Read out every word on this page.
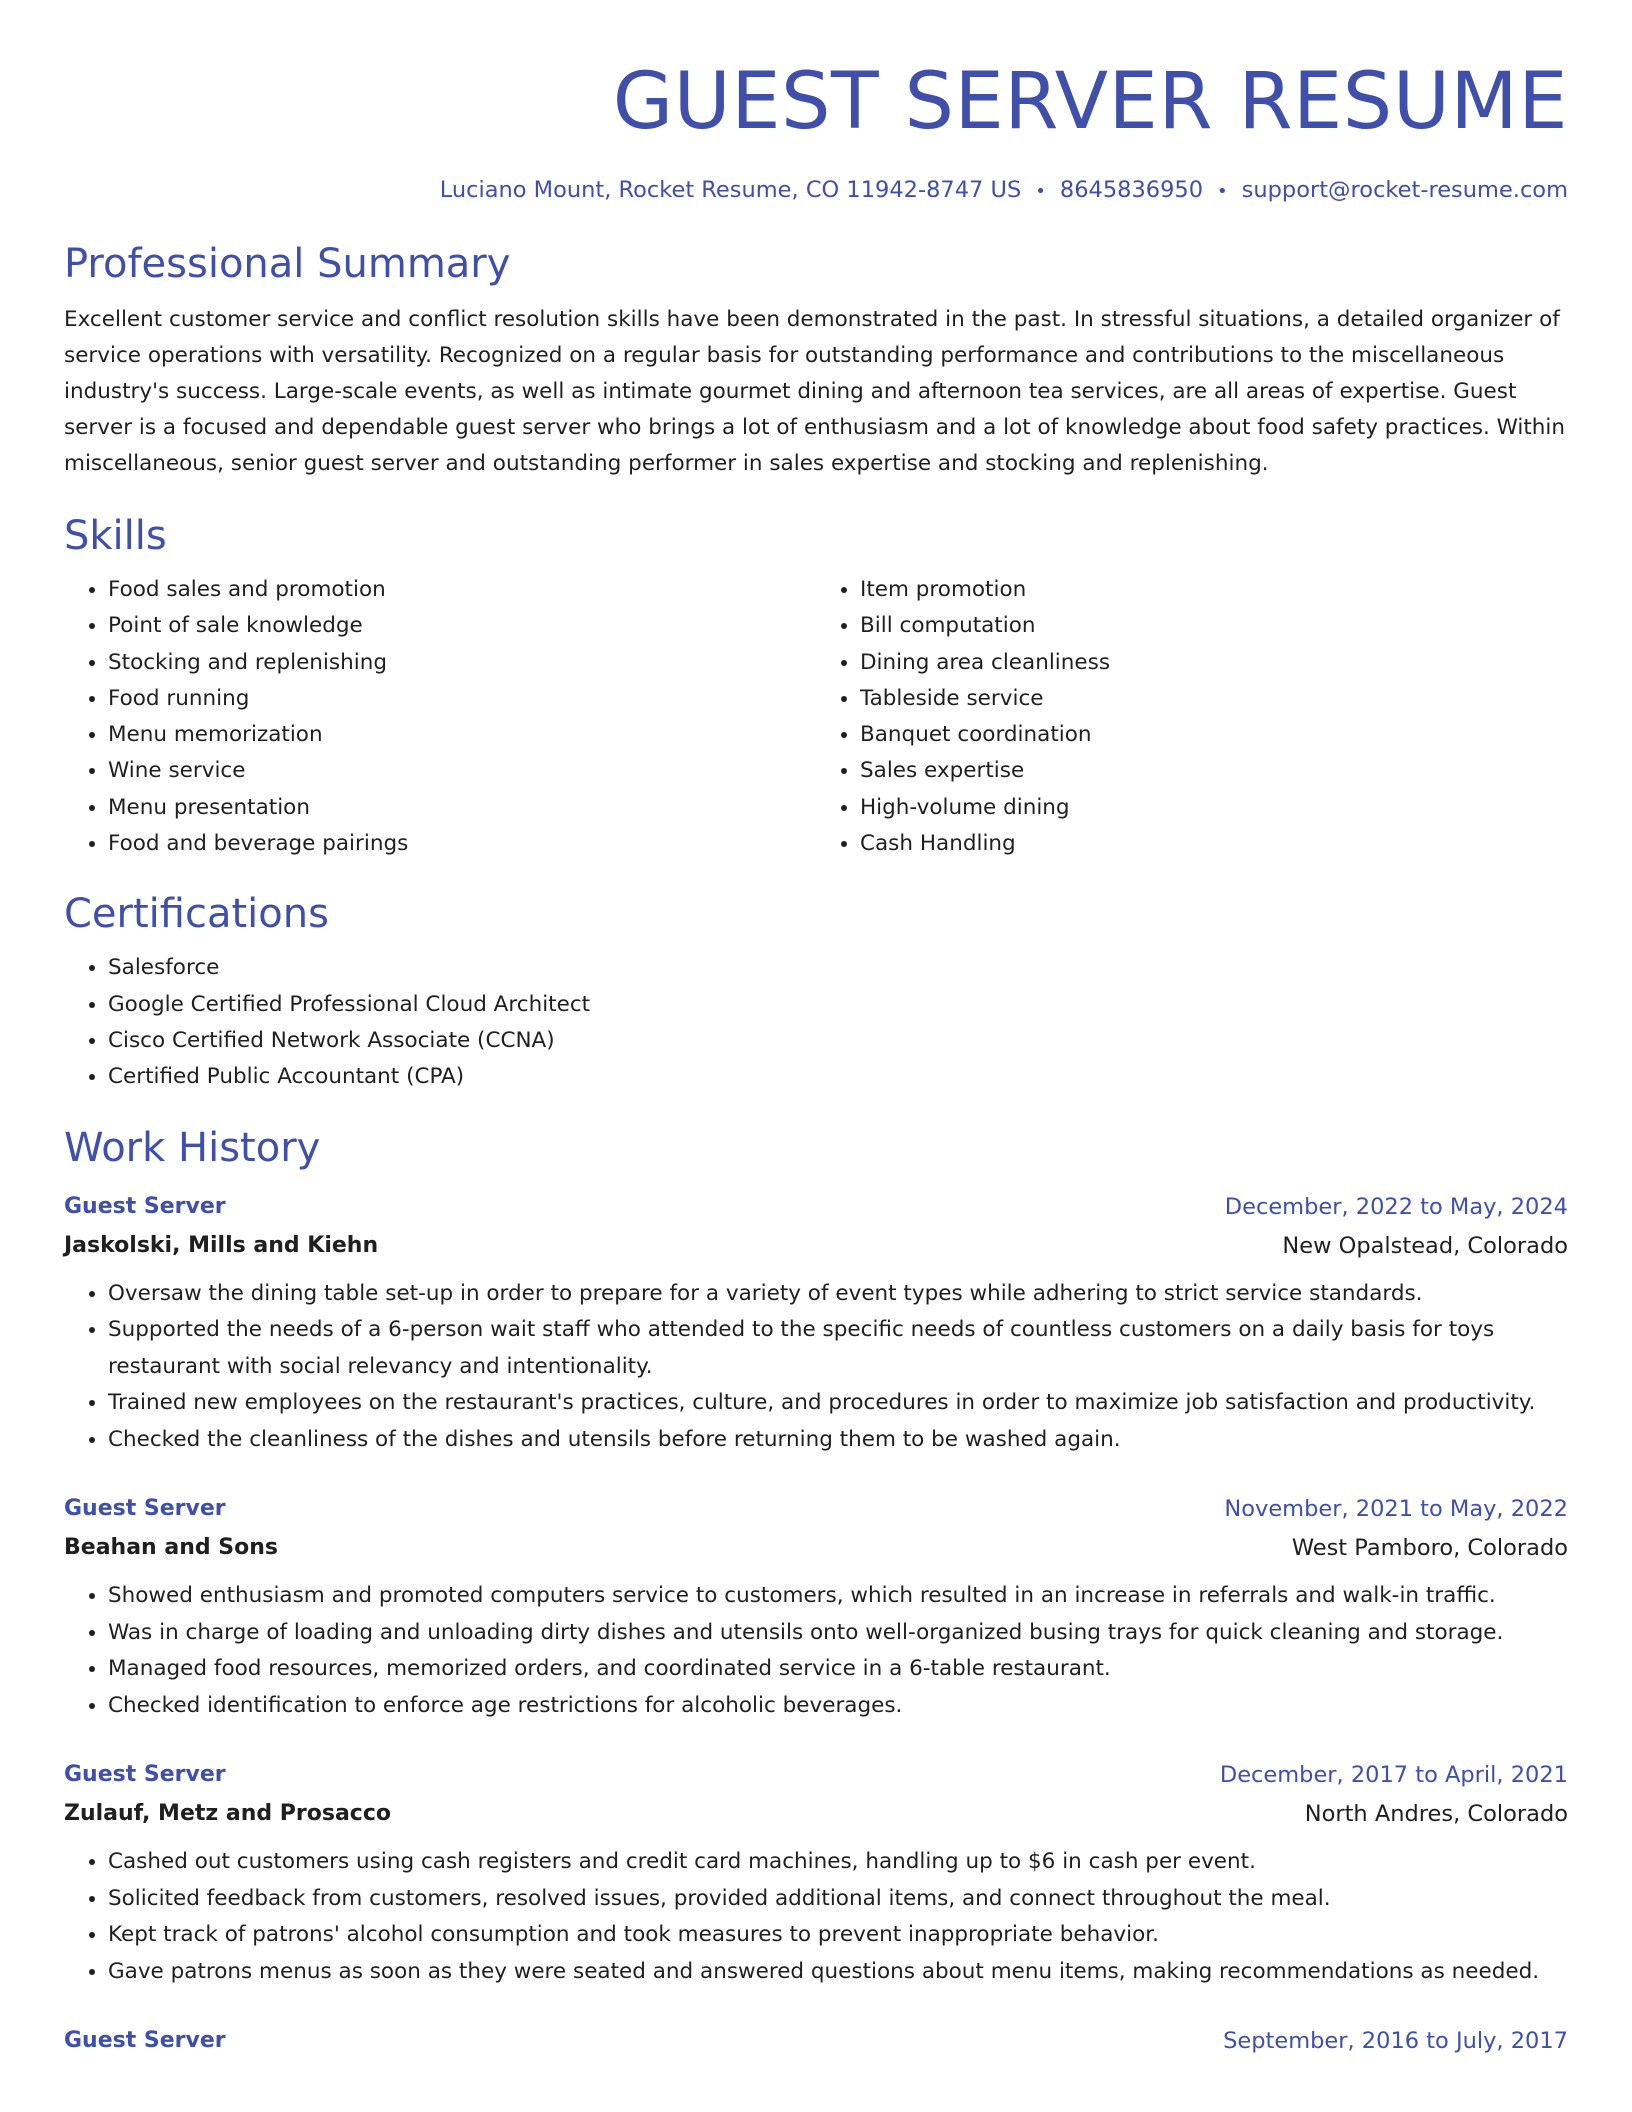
GUEST SERVER RESUME
Luciano Mount, Rocket Resume, CO 11942-8747 US • 8645836950 • support@rocket-resume.com
Professional Summary
Excellent customer service and conflict resolution skills have been demonstrated in the past. In stressful situations, a detailed organizer of service operations with versatility. Recognized on a regular basis for outstanding performance and contributions to the miscellaneous industry's success. Large-scale events, as well as intimate gourmet dining and afternoon tea services, are all areas of expertise. Guest server is a focused and dependable guest server who brings a lot of enthusiasm and a lot of knowledge about food safety practices. Within miscellaneous, senior guest server and outstanding performer in sales expertise and stocking and replenishing.
Skills
• Food sales and promotion
• Point of sale knowledge
• Stocking and replenishing
• Food running
• Menu memorization
• Wine service
• Menu presentation
• Food and beverage pairings
• Item promotion
• Bill computation
• Dining area cleanliness
• Tableside service
• Banquet coordination
• Sales expertise
• High-volume dining
• Cash Handling
Certifications
• Salesforce
• Google Certified Professional Cloud Architect
• Cisco Certified Network Associate (CCNA)
• Certified Public Accountant (CPA)
Work History
Guest Server	December, 2022 to May, 2024
Jaskolski, Mills and Kiehn	New Opalstead, Colorado
• Oversaw the dining table set-up in order to prepare for a variety of event types while adhering to strict service standards.
• Supported the needs of a 6-person wait staff who attended to the specific needs of countless customers on a daily basis for toys restaurant with social relevancy and intentionality.
• Trained new employees on the restaurant's practices, culture, and procedures in order to maximize job satisfaction and productivity.
• Checked the cleanliness of the dishes and utensils before returning them to be washed again.
Guest Server	November, 2021 to May, 2022
Beahan and Sons	West Pamboro, Colorado
• Showed enthusiasm and promoted computers service to customers, which resulted in an increase in referrals and walk-in traffic.
• Was in charge of loading and unloading dirty dishes and utensils onto well-organized busing trays for quick cleaning and storage.
• Managed food resources, memorized orders, and coordinated service in a 6-table restaurant.
• Checked identification to enforce age restrictions for alcoholic beverages.
Guest Server	December, 2017 to April, 2021
Zulauf, Metz and Prosacco	North Andres, Colorado
• Cashed out customers using cash registers and credit card machines, handling up to $6 in cash per event.
• Solicited feedback from customers, resolved issues, provided additional items, and connect throughout the meal.
• Kept track of patrons' alcohol consumption and took measures to prevent inappropriate behavior.
• Gave patrons menus as soon as they were seated and answered questions about menu items, making recommendations as needed.
Guest Server	September, 2016 to July, 2017
